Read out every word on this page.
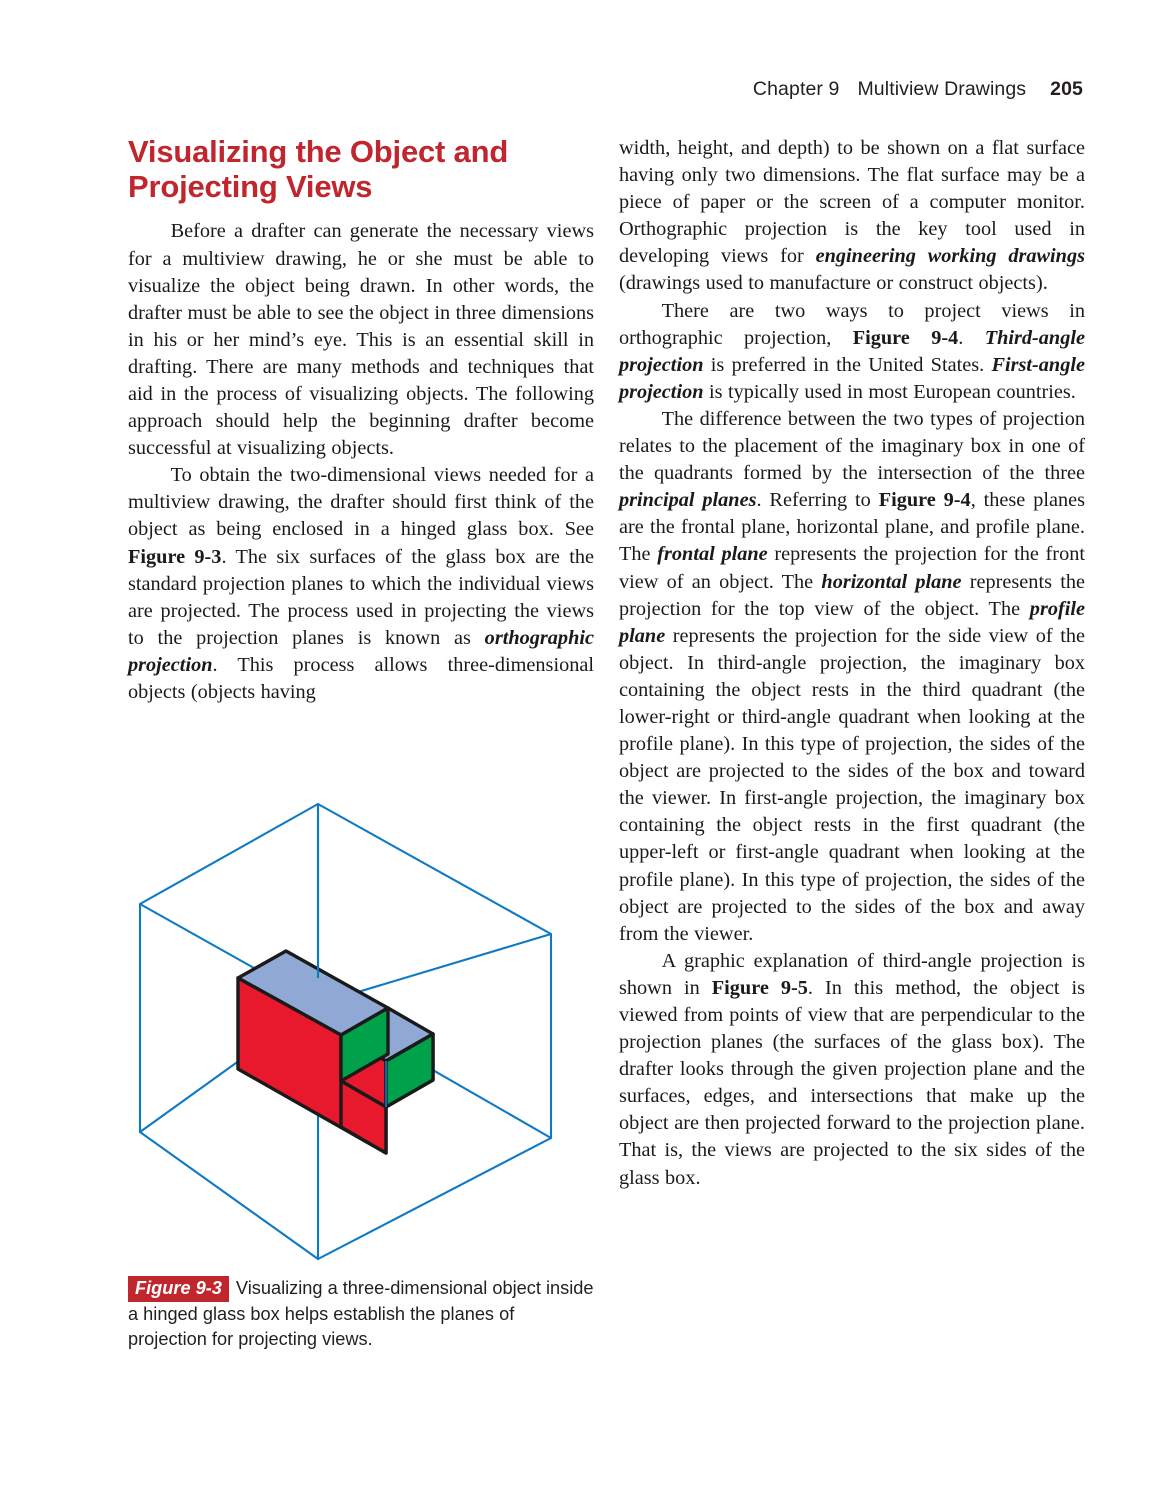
Chapter 9 Multiview Drawings 205
Visualizing the Object and Projecting Views

Before a drafter can generate the necessary views for a multiview drawing, he or she must be able to visualize the object being drawn. In other words, the drafter must be able to see the object in three dimensions in his or her mind’s eye. This is an essential skill in drafting. There are many methods and techniques that aid in the process of visualizing objects. The following approach should help the beginning drafter become successful at visualizing objects.

To obtain the two-dimensional views needed for a multiview drawing, the drafter should first think of the object as being enclosed in a hinged glass box. See Figure 9-3. The six surfaces of the glass box are the standard projection planes to which the individual views are projected. The process used in projecting the views to the projection planes is known as orthographic projection. This process allows three-dimensional objects (objects having

width, height, and depth) to be shown on a flat surface having only two dimensions. The flat surface may be a piece of paper or the screen of a computer monitor. Orthographic projection is the key tool used in developing views for engineering working drawings (drawings used to manufacture or construct objects).

There are two ways to project views in orthographic projection, Figure 9-4. Third-angle projection is preferred in the United States. First-angle projection is typically used in most European countries.

The difference between the two types of projection relates to the placement of the imaginary box in one of the quadrants formed by the intersection of the three principal planes. Referring to Figure 9-4, these planes are the frontal plane, horizontal plane, and profile plane. The frontal plane represents the projection for the front view of an object. The horizontal plane represents the projection for the top view of the object. The profile plane represents the projection for the side view of the object. In third-angle projection, the imaginary box containing the object rests in the third quadrant (the lower-right or third-angle quadrant when looking at the profile plane). In this type of projection, the sides of the object are projected to the sides of the box and toward the viewer. In first-angle projection, the imaginary box containing the object rests in the first quadrant (the upper-left or first-angle quadrant when looking at the profile plane). In this type of projection, the sides of the object are projected to the sides of the box and away from the viewer.

A graphic explanation of third-angle projection is shown in Figure 9-5. In this method, the object is viewed from points of view that are perpendicular to the projection planes (the surfaces of the glass box). The drafter looks through the given projection plane and the surfaces, edges, and intersections that make up the object are then projected forward to the projection plane. That is, the views are projected to the six sides of the glass box.

Figure 9-3 Visualizing a three-dimensional object inside a hinged glass box helps establish the planes of projection for projecting views.
